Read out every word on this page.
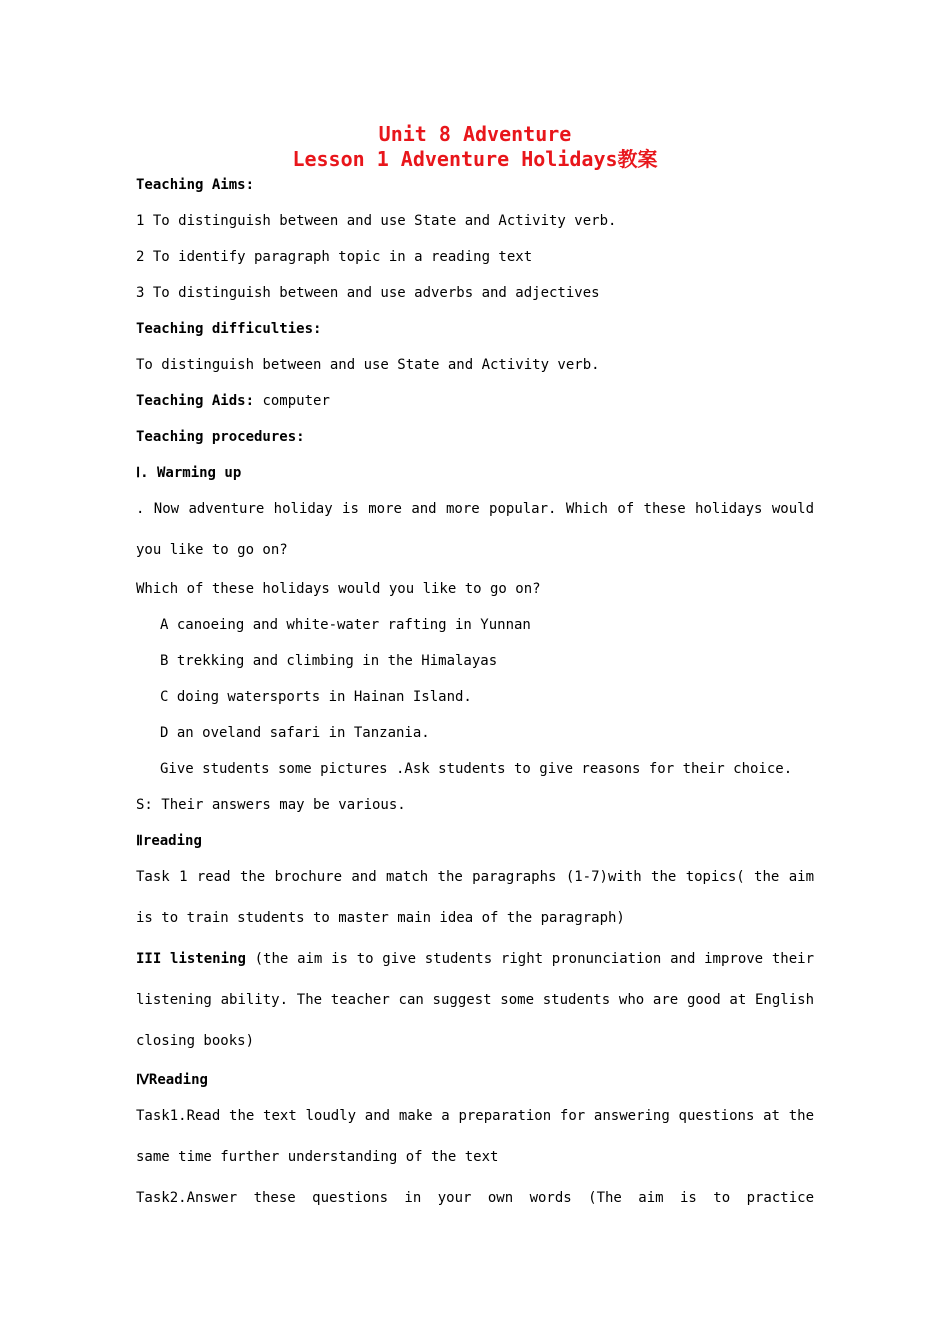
Unit 8 Adventure
Lesson 1 Adventure Holidays教案

Teaching Aims:

1 To distinguish between and use State and Activity verb.

2 To identify paragraph topic in a reading text

3 To distinguish between and use adverbs and adjectives

Teaching difficulties:

To distinguish between and use State and Activity verb.

Teaching Aids: computer

Teaching procedures:

Ⅰ. Warming up

. Now adventure holiday is more and more popular. Which of these holidays would you like to go on?

Which of these holidays would you like to go on?

A canoeing and white-water rafting in Yunnan

B trekking and climbing in the Himalayas

C doing watersports in Hainan Island.

D an oveland safari in Tanzania.

Give students some pictures .Ask students to give reasons for their choice.

S: Their answers may be various.

Ⅱreading

Task 1 read the brochure and match the paragraphs (1-7)with the topics( the aim is to train students to master main idea of the paragraph)

III listening (the aim is to give students right pronunciation and improve their listening ability. The teacher can suggest some students who are good at English closing books)

ⅣReading

Task1.Read the text loudly and make a preparation for answering questions at the same time further understanding of the text

Task2.Answer these questions in your own words (The aim is to practice
